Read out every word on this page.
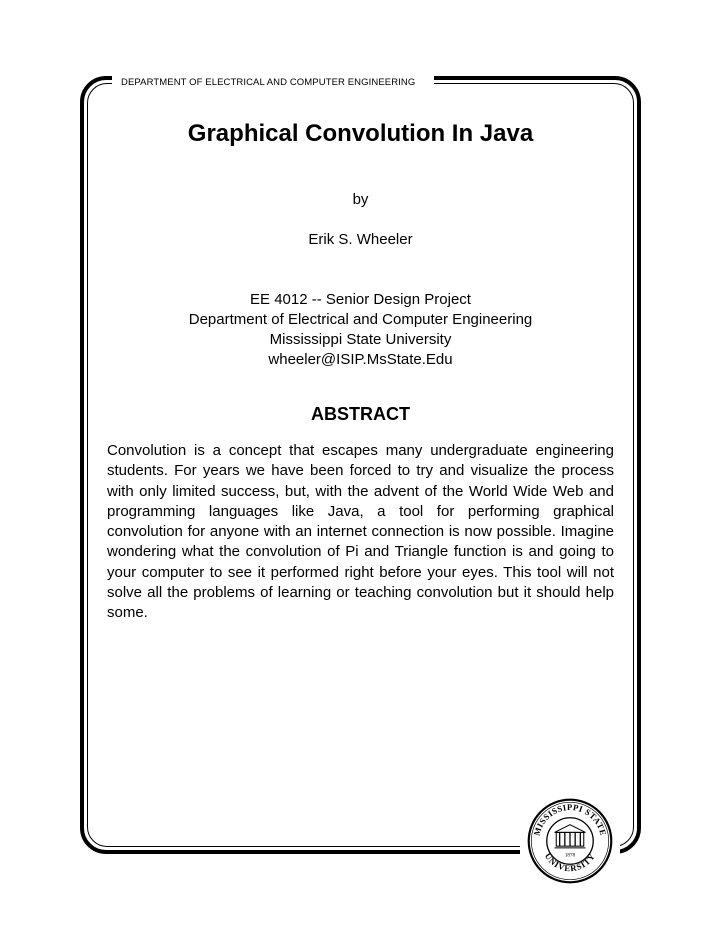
DEPARTMENT OF ELECTRICAL AND COMPUTER ENGINEERING
Graphical Convolution In Java
by
Erik S. Wheeler
EE 4012 -- Senior Design Project
Department of Electrical and Computer Engineering
Mississippi State University
wheeler@ISIP.MsState.Edu
ABSTRACT

Convolution is a concept that escapes many undergraduate engineering students. For years we have been forced to try and visualize the process with only limited success, but, with the advent of the World Wide Web and programming languages like Java, a tool for performing graphical convolution for anyone with an internet connection is now possible. Imagine wondering what the convolution of Pi and Triangle function is and going to your computer to see it performed right before your eyes. This tool will not solve all the problems of learning or teaching convolution but it should help some.

MISSISSIPPI STATE
UNIVERSITY
1878
